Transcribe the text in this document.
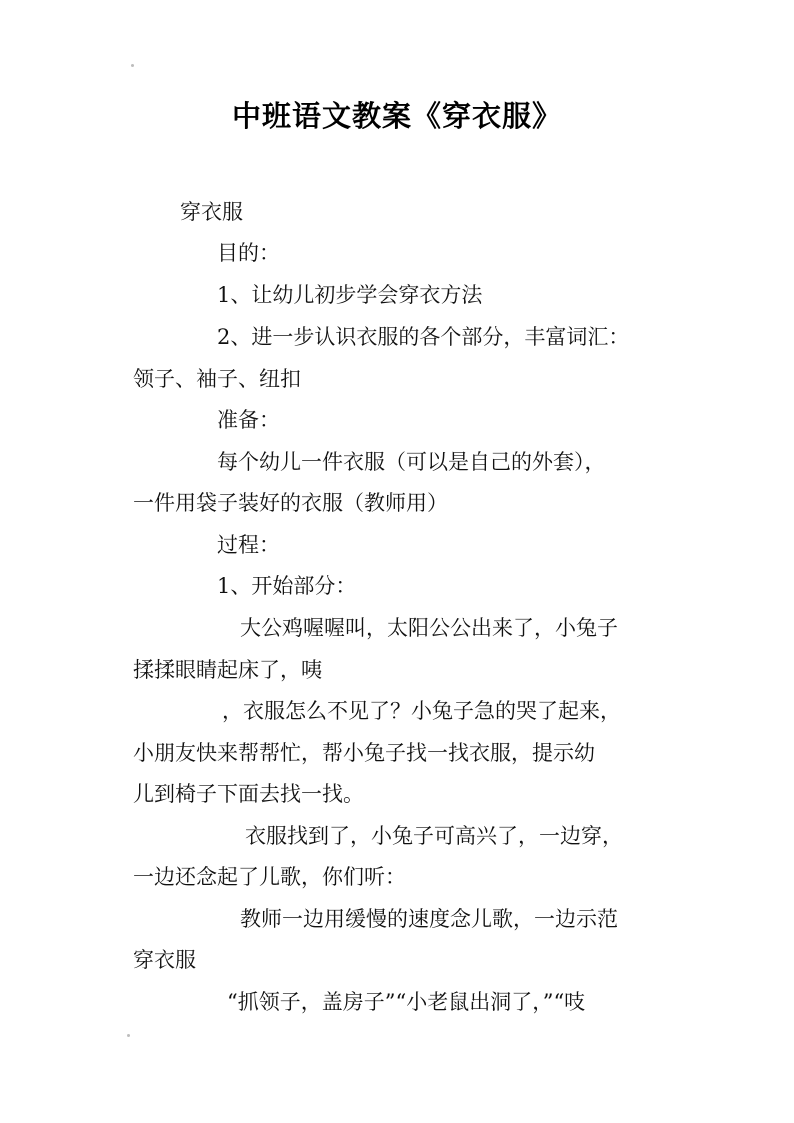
中班语文教案《穿衣服》
穿衣服
目的：
1、让幼儿初步学会穿衣方法
2、进一步认识衣服的各个部分，丰富词汇：
领子、袖子、纽扣
准备：
每个幼儿一件衣服（可以是自己的外套），
一件用袋子装好的衣服（教师用）
过程：
1、开始部分：
大公鸡喔喔叫，太阳公公出来了，小兔子
揉揉眼睛起床了，咦
，衣服怎么不见了？小兔子急的哭了起来，
小朋友快来帮帮忙，帮小兔子找一找衣服，提示幼
儿到椅子下面去找一找。
衣服找到了，小兔子可高兴了，一边穿，
一边还念起了儿歌，你们听：
教师一边用缓慢的速度念儿歌，一边示范
穿衣服
“抓领子，盖房子”“小老鼠出洞了，”“吱
